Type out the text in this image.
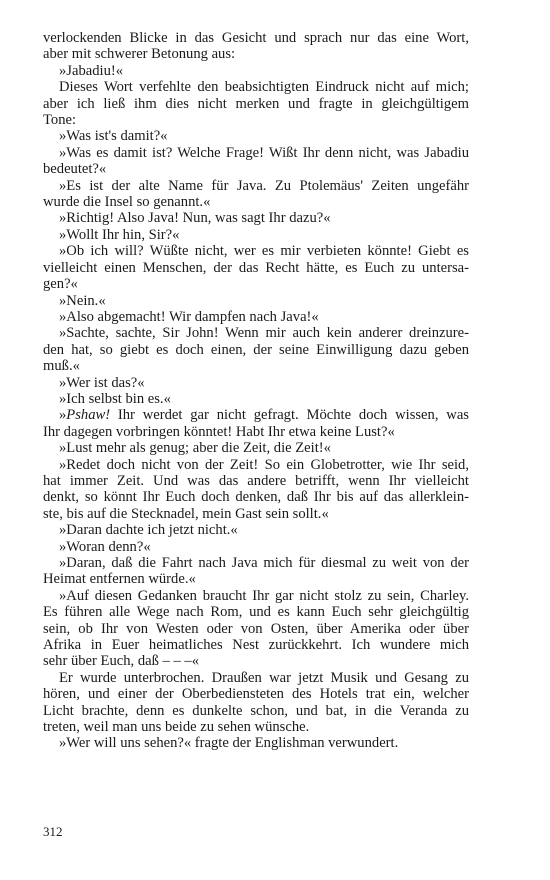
verlockenden Blicke in das Gesicht und sprach nur das eine Wort,
aber mit schwerer Betonung aus:
»Jabadiu!«
Dieses Wort verfehlte den beabsichtigten Eindruck nicht auf mich;
aber ich ließ ihm dies nicht merken und fragte in gleichgültigem
Tone:
»Was ist's damit?«
»Was es damit ist? Welche Frage! Wißt Ihr denn nicht, was Jabadiu
bedeutet?«
»Es ist der alte Name für Java. Zu Ptolemäus' Zeiten ungefähr
wurde die Insel so genannt.«
»Richtig! Also Java! Nun, was sagt Ihr dazu?«
»Wollt Ihr hin, Sir?«
»Ob ich will? Wüßte nicht, wer es mir verbieten könnte! Giebt es
vielleicht einen Menschen, der das Recht hätte, es Euch zu untersa-
gen?«
»Nein.«
»Also abgemacht! Wir dampfen nach Java!«
»Sachte, sachte, Sir John! Wenn mir auch kein anderer dreinzure-
den hat, so giebt es doch einen, der seine Einwilligung dazu geben
muß.«
»Wer ist das?«
»Ich selbst bin es.«
»Pshaw! Ihr werdet gar nicht gefragt. Möchte doch wissen, was
Ihr dagegen vorbringen könntet! Habt Ihr etwa keine Lust?«
»Lust mehr als genug; aber die Zeit, die Zeit!«
»Redet doch nicht von der Zeit! So ein Globetrotter, wie Ihr seid,
hat immer Zeit. Und was das andere betrifft, wenn Ihr vielleicht
denkt, so könnt Ihr Euch doch denken, daß Ihr bis auf das allerklein-
ste, bis auf die Stecknadel, mein Gast sein sollt.«
»Daran dachte ich jetzt nicht.«
»Woran denn?«
»Daran, daß die Fahrt nach Java mich für diesmal zu weit von der
Heimat entfernen würde.«
»Auf diesen Gedanken braucht Ihr gar nicht stolz zu sein, Charley.
Es führen alle Wege nach Rom, und es kann Euch sehr gleichgültig
sein, ob Ihr von Westen oder von Osten, über Amerika oder über
Afrika in Euer heimatliches Nest zurückkehrt. Ich wundere mich
sehr über Euch, daß – – –«
Er wurde unterbrochen. Draußen war jetzt Musik und Gesang zu
hören, und einer der Oberbediensteten des Hotels trat ein, welcher
Licht brachte, denn es dunkelte schon, und bat, in die Veranda zu
treten, weil man uns beide zu sehen wünsche.
»Wer will uns sehen?« fragte der Englishman verwundert.
312
